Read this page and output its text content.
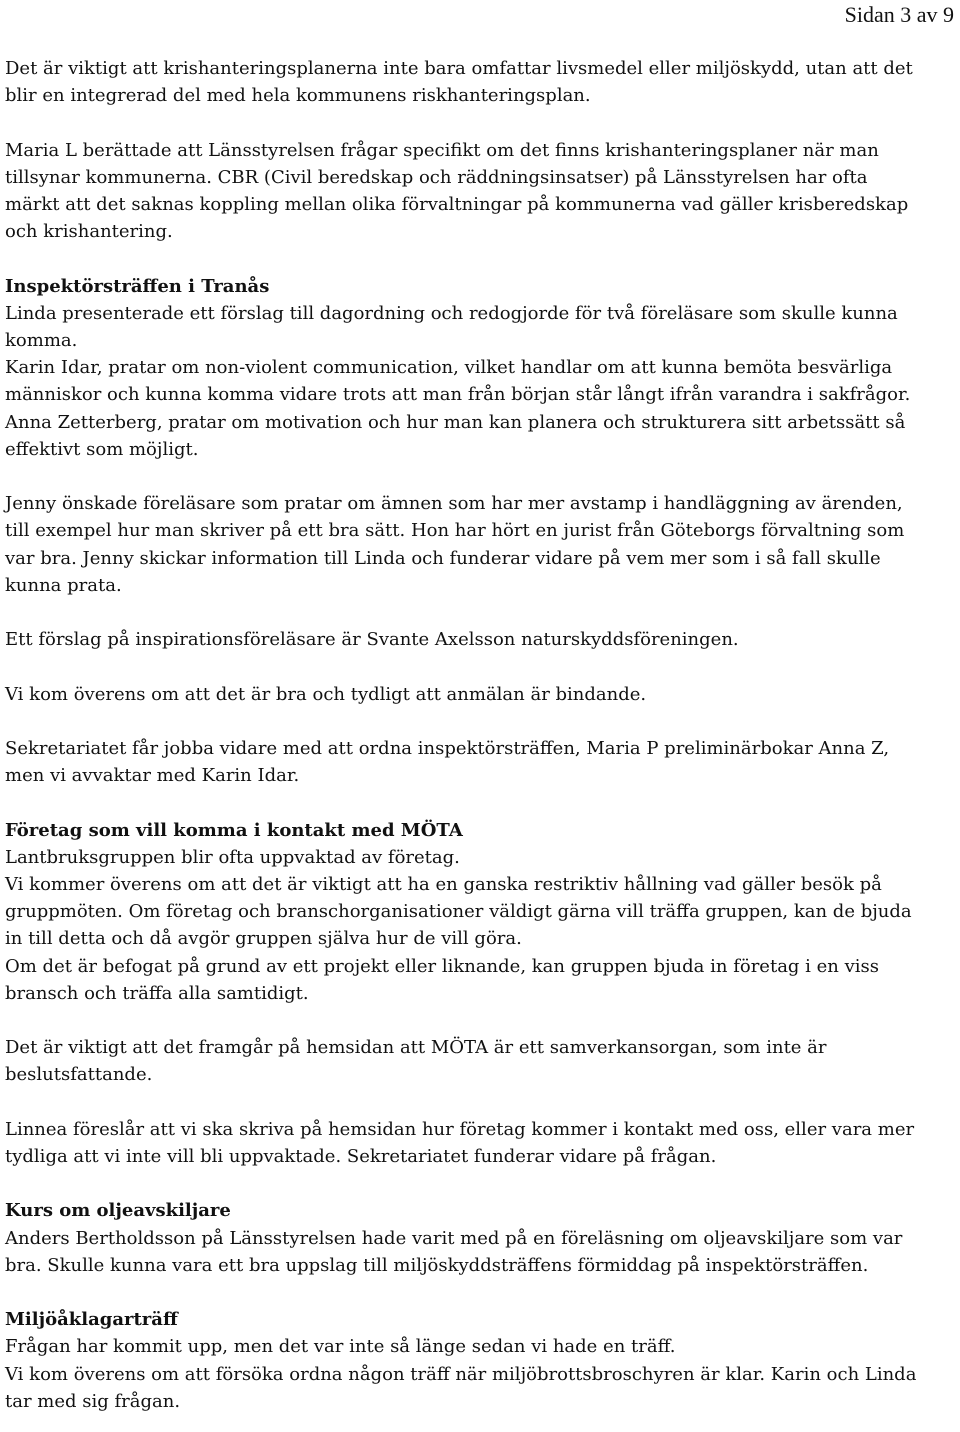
Sidan 3 av 9

Det är viktigt att krishanteringsplanerna inte bara omfattar livsmedel eller miljöskydd, utan att det blir en integrerad del med hela kommunens riskhanteringsplan.

Maria L berättade att Länsstyrelsen frågar specifikt om det finns krishanteringsplaner när man tillsynar kommunerna. CBR (Civil beredskap och räddningsinsatser) på Länsstyrelsen har ofta märkt att det saknas koppling mellan olika förvaltningar på kommunerna vad gäller krisberedskap och krishantering.

Inspektörsträffen i Tranås

Linda presenterade ett förslag till dagordning och redogjorde för två föreläsare som skulle kunna komma.

Karin Idar, pratar om non-violent communication, vilket handlar om att kunna bemöta besvärliga människor och kunna komma vidare trots att man från början står långt ifrån varandra i sakfrågor.

Anna Zetterberg, pratar om motivation och hur man kan planera och strukturera sitt arbetssätt så effektivt som möjligt.

Jenny önskade föreläsare som pratar om ämnen som har mer avstamp i handläggning av ärenden, till exempel hur man skriver på ett bra sätt. Hon har hört en jurist från Göteborgs förvaltning som var bra. Jenny skickar information till Linda och funderar vidare på vem mer som i så fall skulle kunna prata.

Ett förslag på inspirationsföreläsare är Svante Axelsson naturskyddsföreningen.

Vi kom överens om att det är bra och tydligt att anmälan är bindande.

Sekretariatet får jobba vidare med att ordna inspektörsträffen, Maria P preliminärbokar Anna Z, men vi avvaktar med Karin Idar.

Företag som vill komma i kontakt med MÖTA

Lantbruksgruppen blir ofta uppvaktad av företag.

Vi kommer överens om att det är viktigt att ha en ganska restriktiv hållning vad gäller besök på gruppmöten. Om företag och branschorganisationer väldigt gärna vill träffa gruppen, kan de bjuda in till detta och då avgör gruppen själva hur de vill göra.

Om det är befogat på grund av ett projekt eller liknande, kan gruppen bjuda in företag i en viss bransch och träffa alla samtidigt.

Det är viktigt att det framgår på hemsidan att MÖTA är ett samverkansorgan, som inte är beslutsfattande.

Linnea föreslår att vi ska skriva på hemsidan hur företag kommer i kontakt med oss, eller vara mer tydliga att vi inte vill bli uppvaktade. Sekretariatet funderar vidare på frågan.

Kurs om oljeavskiljare

Anders Bertholdsson på Länsstyrelsen hade varit med på en föreläsning om oljeavskiljare som var bra. Skulle kunna vara ett bra uppslag till miljöskyddsträffens förmiddag på inspektörsträffen.

Miljöåklagarträff

Frågan har kommit upp, men det var inte så länge sedan vi hade en träff.

Vi kom överens om att försöka ordna någon träff när miljöbrottsbroschyren är klar. Karin och Linda tar med sig frågan.
